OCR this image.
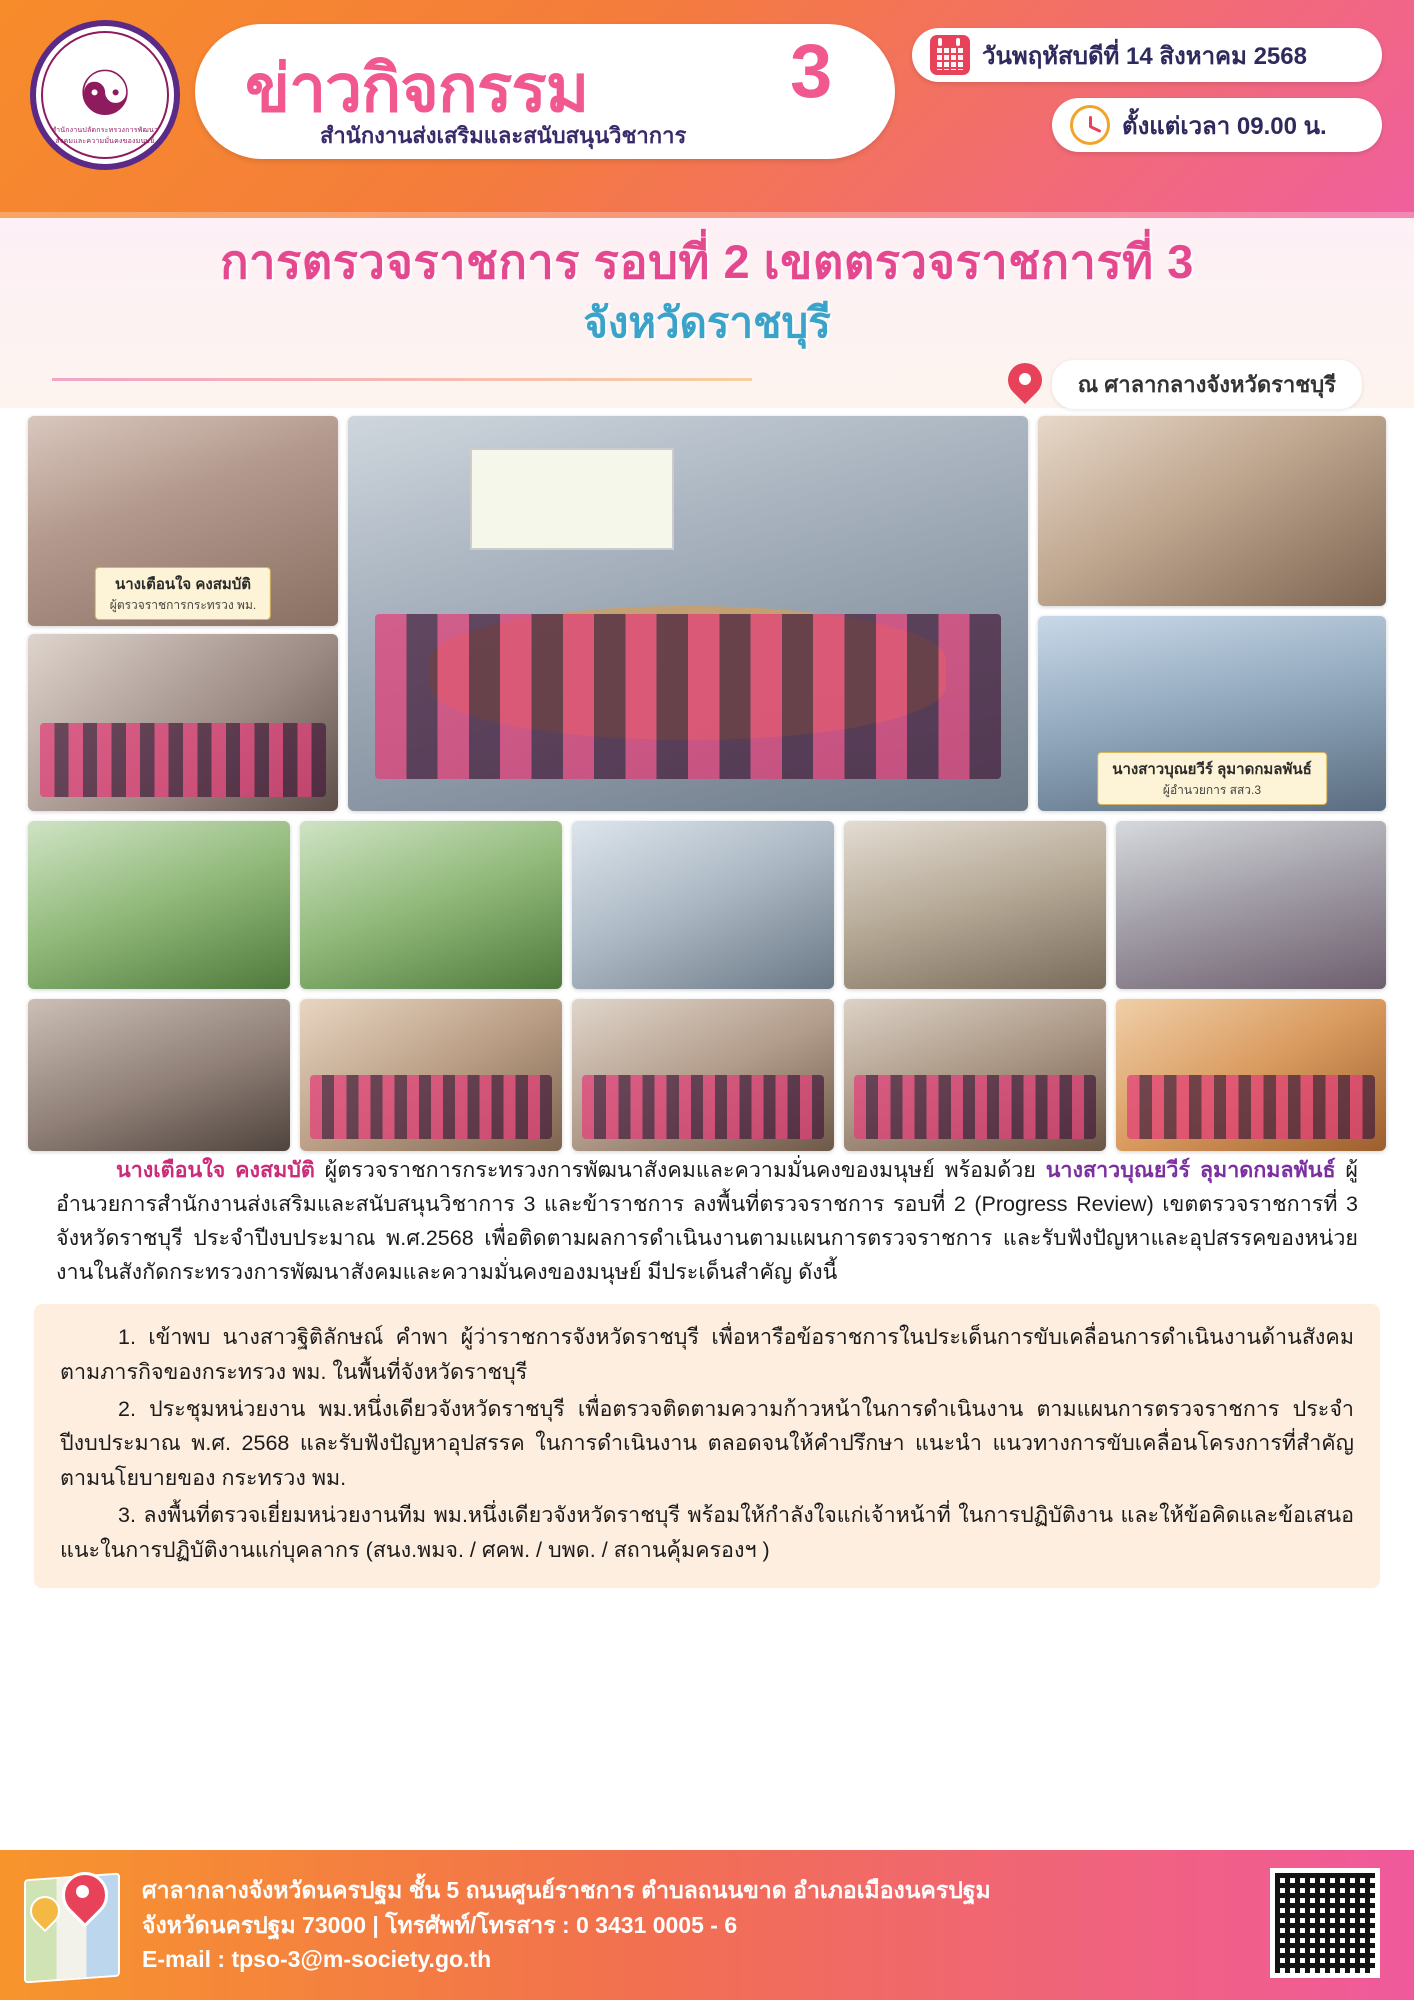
☯
สำนักงานปลัดกระทรวงการพัฒนาสังคมและความมั่นคงของมนุษย์
ข่าวกิจกรรม	3
สำนักงานส่งเสริมและสนับสนุนวิชาการ
วันพฤหัสบดีที่ 14 สิงหาคม 2568
ตั้งแต่เวลา 09.00 น.
การตรวจราชการ รอบที่ 2 เขตตรวจราชการที่ 3
จังหวัดราชบุรี
ณ ศาลากลางจังหวัดราชบุรี
นางเตือนใจ คงสมบัติ
ผู้ตรวจราชการกระทรวง พม.
นางสาวบุณยวีร์ ลุมาดกมลพันธ์
ผู้อำนวยการ สสว.3
นางเตือนใจ คงสมบัติ ผู้ตรวจราชการกระทรวงการพัฒนาสังคมและความมั่นคงของมนุษย์ พร้อมด้วย นางสาวบุณยวีร์ ลุมาดกมลพันธ์ ผู้อำนวยการสำนักงานส่งเสริมและสนับสนุนวิชาการ 3 และข้าราชการ ลงพื้นที่ตรวจราชการ รอบที่ 2 (Progress Review) เขตตรวจราชการที่ 3 จังหวัดราชบุรี ประจำปีงบประมาณ พ.ศ.2568 เพื่อติดตามผลการดำเนินงานตามแผนการตรวจราชการ และรับฟังปัญหาและอุปสรรคของหน่วยงานในสังกัดกระทรวงการพัฒนาสังคมและความมั่นคงของมนุษย์ มีประเด็นสำคัญ ดังนี้

1. เข้าพบ นางสาวฐิติลักษณ์ คำพา ผู้ว่าราชการจังหวัดราชบุรี เพื่อหารือข้อราชการในประเด็นการขับเคลื่อนการดำเนินงานด้านสังคมตามภารกิจของกระทรวง พม. ในพื้นที่จังหวัดราชบุรี

2. ประชุมหน่วยงาน พม.หนึ่งเดียวจังหวัดราชบุรี เพื่อตรวจติดตามความก้าวหน้าในการดำเนินงาน ตามแผนการตรวจราชการ ประจำปีงบประมาณ พ.ศ. 2568 และรับฟังปัญหาอุปสรรค ในการดำเนินงาน ตลอดจนให้คำปรึกษา แนะนำ แนวทางการขับเคลื่อนโครงการที่สำคัญตามนโยบายของ กระทรวง พม.

3. ลงพื้นที่ตรวจเยี่ยมหน่วยงานทีม พม.หนึ่งเดียวจังหวัดราชบุรี พร้อมให้กำลังใจแก่เจ้าหน้าที่ ในการปฏิบัติงาน และให้ข้อคิดและข้อเสนอแนะในการปฏิบัติงานแก่บุคลากร (สนง.พมจ. / ศคพ. / บพด. / สถานคุ้มครองฯ )

ศาลากลางจังหวัดนครปฐม ชั้น 5 ถนนศูนย์ราชการ ตำบลถนนขาด อำเภอเมืองนครปฐม
จังหวัดนครปฐม 73000 | โทรศัพท์/โทรสาร : 0 3431 0005 - 6
E-mail : tpso-3@m-society.go.th
